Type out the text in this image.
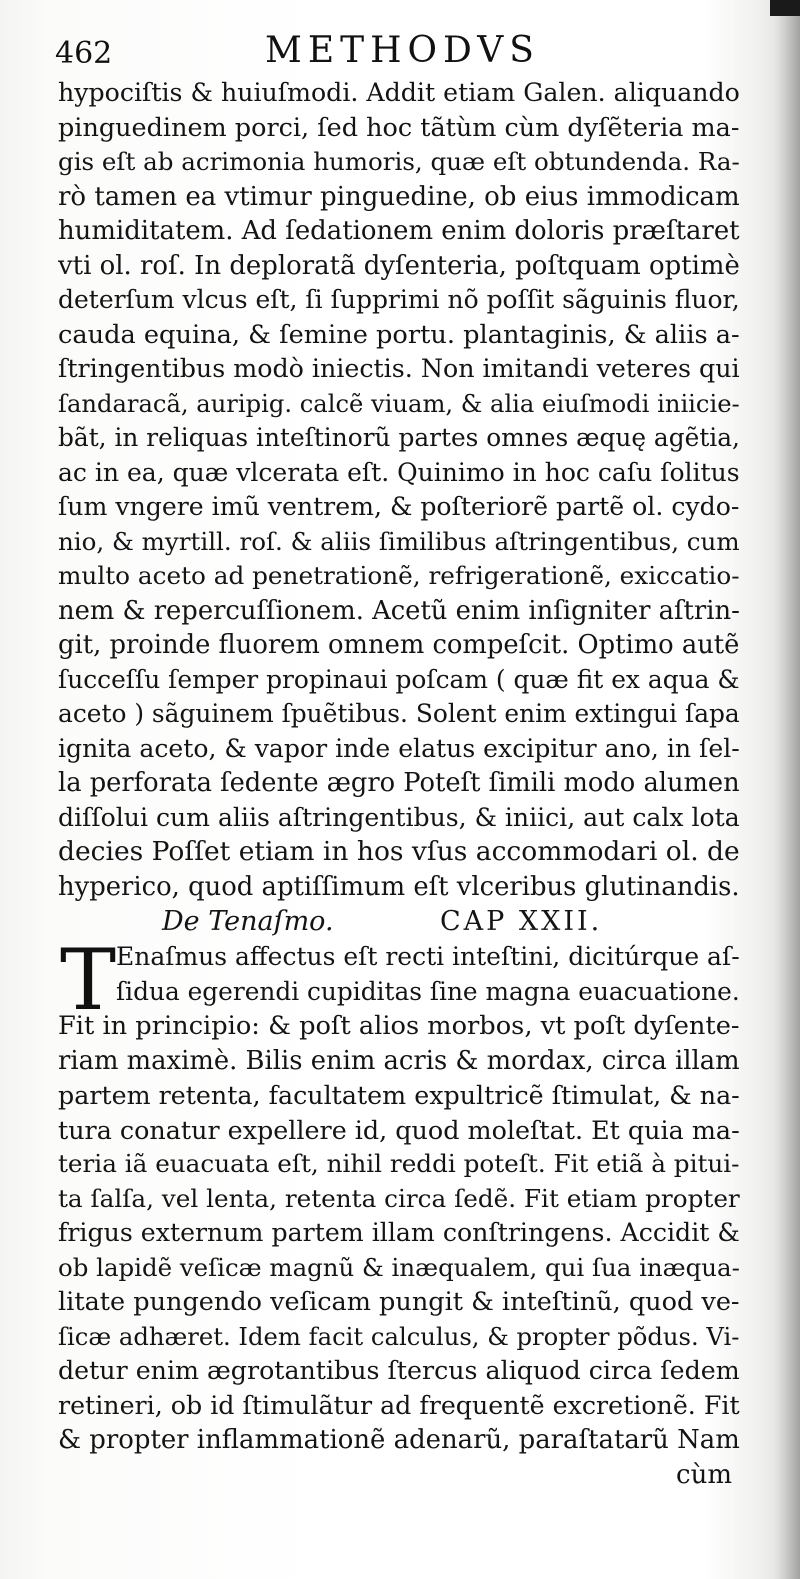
462	METHODVS
hypociſtis & huiuſmodi. Addit etiam Galen. aliquando
pinguedinem porci, ſed hoc tãtùm cùm dyſẽteria ma-
gis eſt ab acrimonia humoris, quæ eſt obtundenda. Ra-
rò tamen ea vtimur pinguedine, ob eius immodicam
humiditatem. Ad ſedationem enim doloris præſtaret
vti ol. roſ. In deploratã dyſenteria, poſtquam optimè
deterſum vlcus eſt, ſi ſupprimi nõ poſſit sãguinis fluor,
cauda equina, & ſemine portu. plantaginis, & aliis a-
ſtringentibus modò iniectis. Non imitandi veteres qui
ſandaracã, auripig. calcẽ viuam, & alia eiuſmodi iniicie-
bãt, in reliquas inteſtinorũ partes omnes æquę agẽtia,
ac in ea, quæ vlcerata eſt. Quinimo in hoc caſu ſolitus
ſum vngere imũ ventrem, & poſteriorẽ partẽ ol. cydo-
nio, & myrtill. roſ. & aliis ſimilibus aſtringentibus, cum
multo aceto ad penetrationẽ, refrigerationẽ, exiccatio-
nem & repercuſſionem. Acetũ enim inſigniter aſtrin-
git, proinde fluorem omnem compeſcit. Optimo autẽ
ſucceſſu ſemper propinaui poſcam ( quæ fit ex aqua &
aceto ) sãguinem ſpuẽtibus. Solent enim extingui ſapa
ignita aceto, & vapor inde elatus excipitur ano, in ſel-
la perforata ſedente ægro Poteſt ſimili modo alumen
diſſolui cum aliis aſtringentibus, & iniici, aut calx lota
decies Poſſet etiam in hos vſus accommodari ol. de
hyperico, quod aptiſſimum eſt vlceribus glutinandis.
De Tenaſmo.	CAP XXII.
T Enaſmus affectus eſt recti inteſtini, dicitúrque aſ-
ſidua egerendi cupiditas ſine magna euacuatione.
Fit in principio: & poſt alios morbos, vt poſt dyſente-
riam maximè. Bilis enim acris & mordax, circa illam
partem retenta, facultatem expultricẽ ſtimulat, & na-
tura conatur expellere id, quod moleſtat. Et quia ma-
teria iã euacuata eſt, nihil reddi poteſt. Fit etiã à pitui-
ta ſalſa, vel lenta, retenta circa ſedẽ. Fit etiam propter
frigus externum partem illam conſtringens. Accidit &
ob lapidẽ veſicæ magnũ & inæqualem, qui ſua inæqua-
litate pungendo veſicam pungit & inteſtinũ, quod ve-
ſicæ adhæret. Idem facit calculus, & propter põdus. Vi-
detur enim ægrotantibus ſtercus aliquod circa ſedem
retineri, ob id ſtimulãtur ad frequentẽ excretionẽ. Fit
& propter inflammationẽ adenarũ, paraſtatarũ Nam
cùm
